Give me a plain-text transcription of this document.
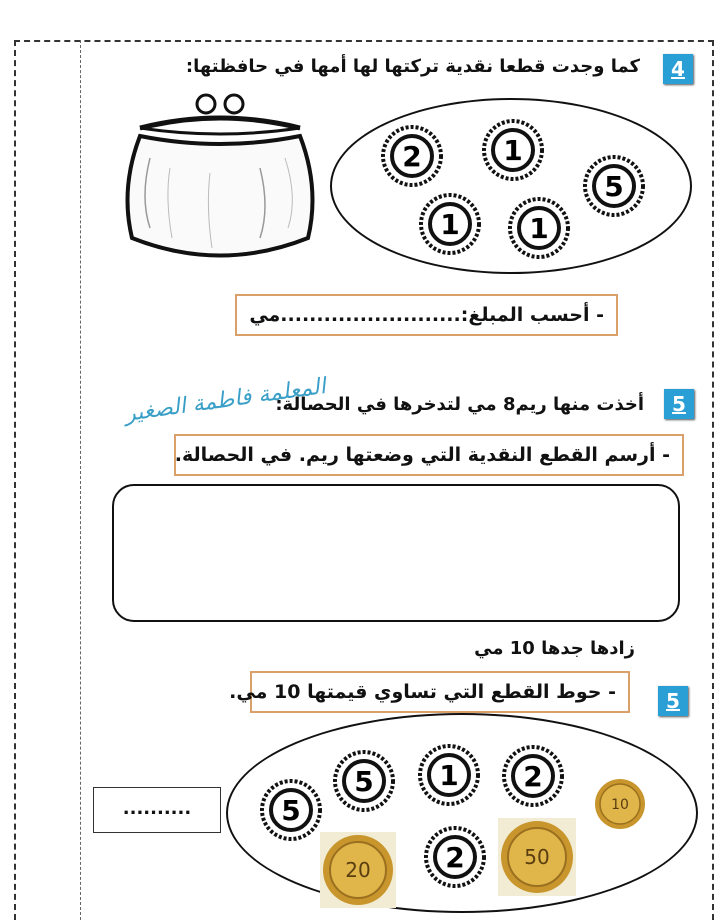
4
كما وجدت قطعا نقدية تركتها لها أمها في حافظتها:
2	1
5
1 1
- أحسب المبلغ:.........................مي
5
أخذت منها ريم8 مي لتدخرها في الحصالة:
المعلمة فاطمة الصغير
- أرسم القطع النقدية التي وضعتها ريم. في الحصالة.
زادها جدها 10 مي
- حوط القطع التي تساوي قيمتها 10 مي.	5
1 2
5
5	10
2	50
20
..........
